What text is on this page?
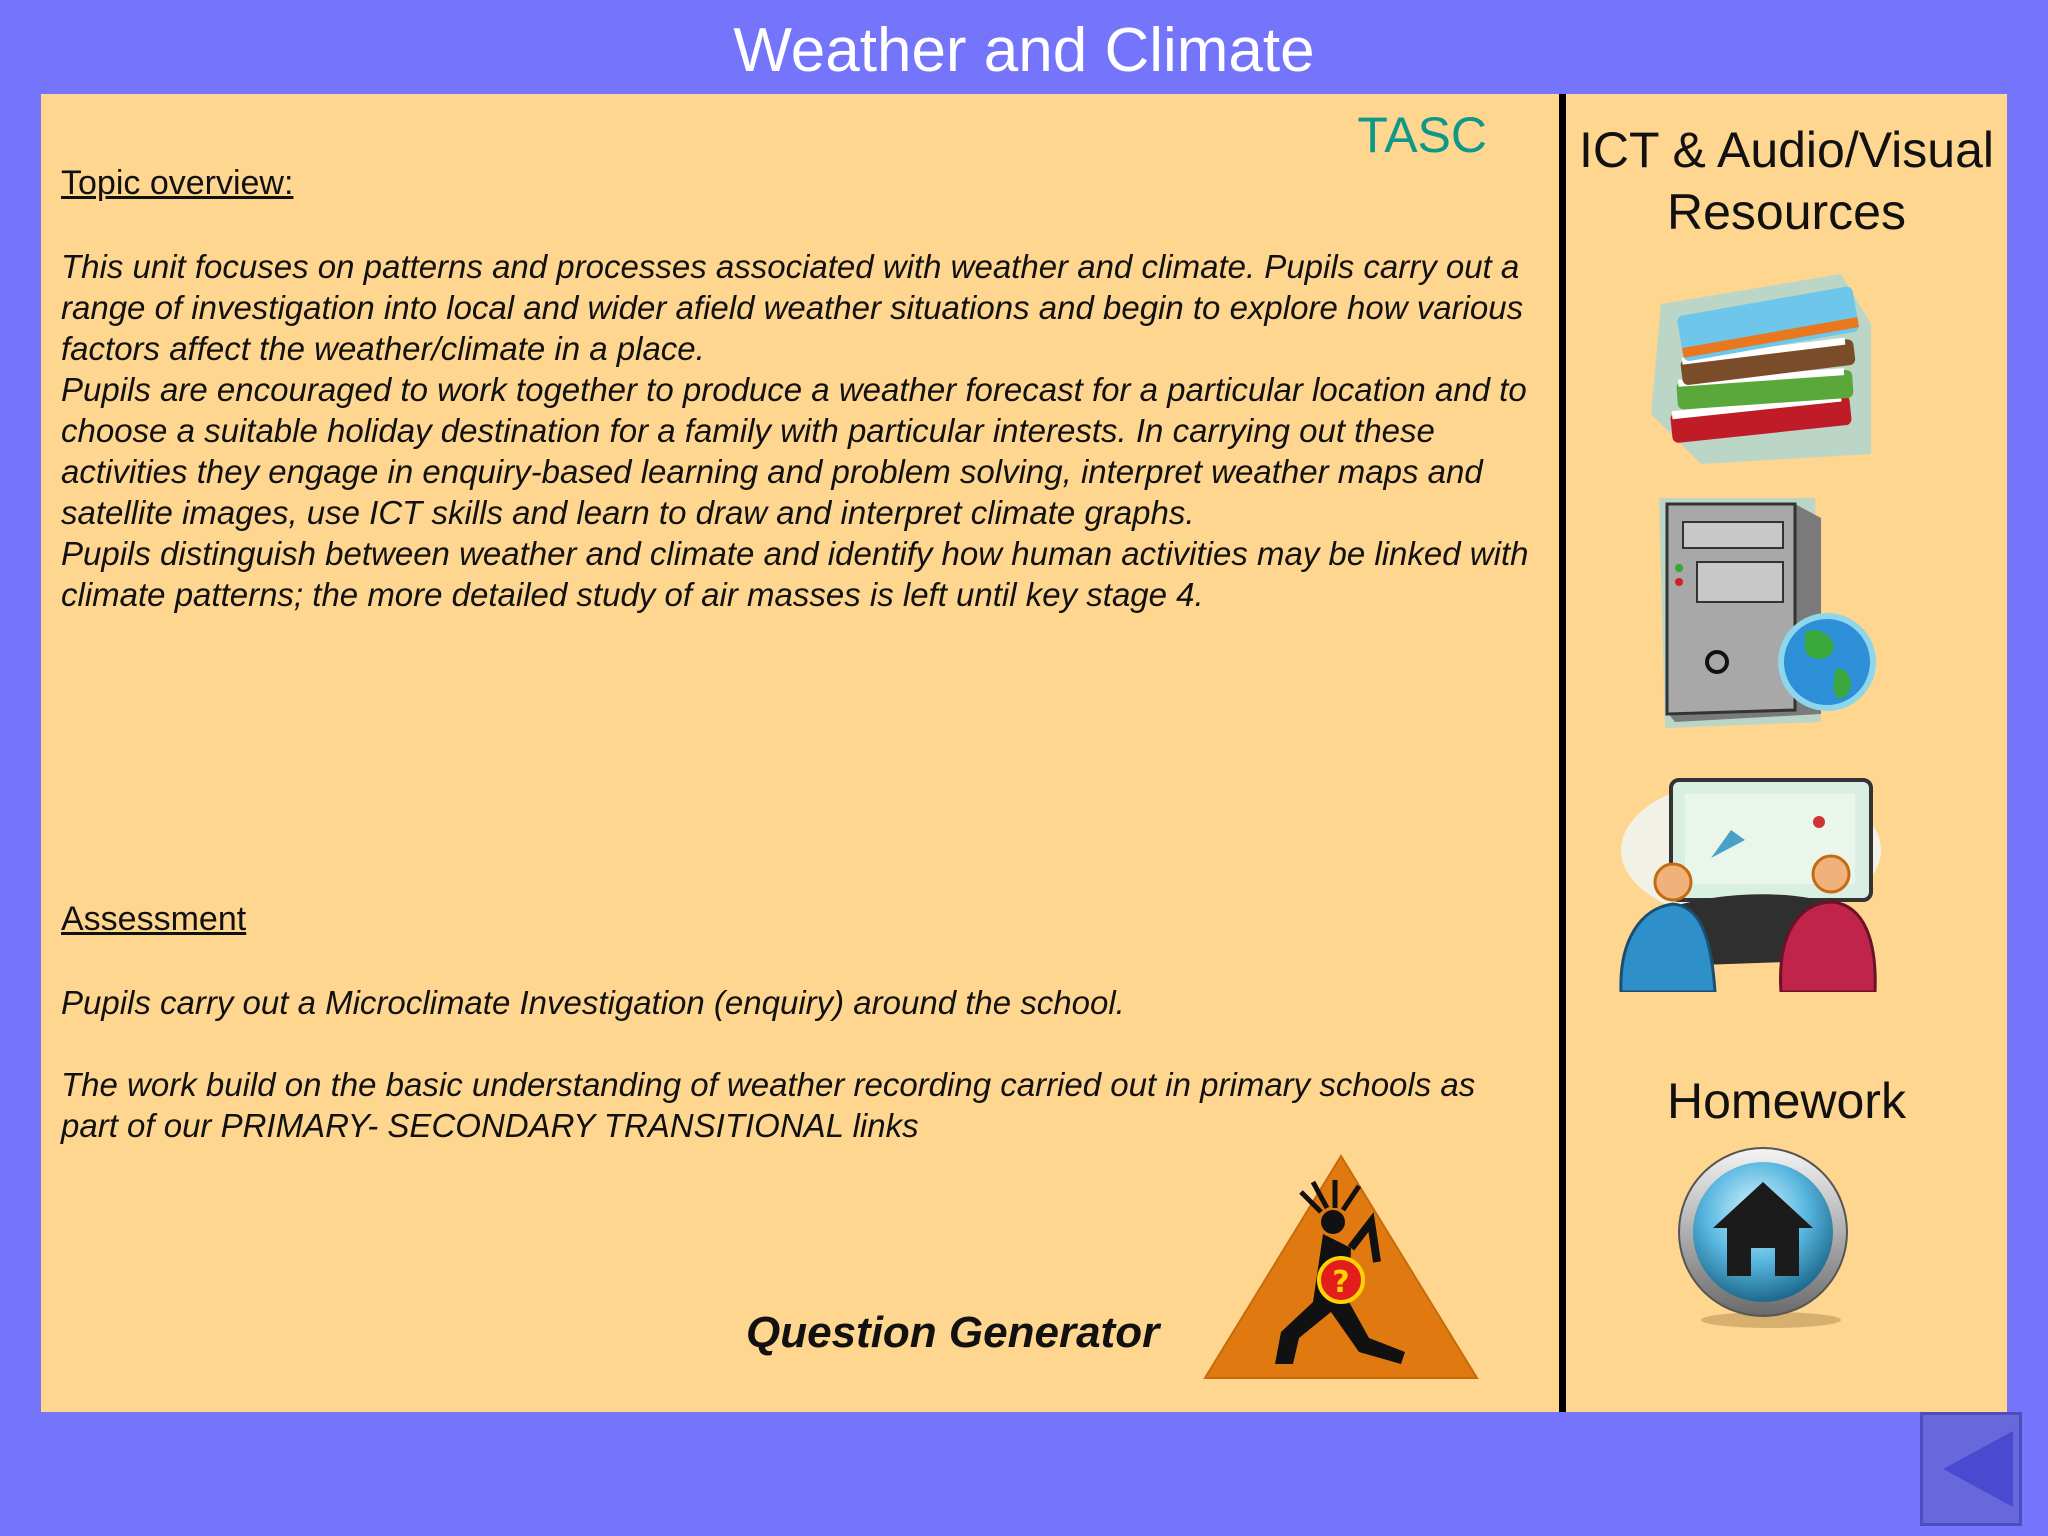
Weather and Climate
TASC
Topic overview:

This unit focuses on patterns and processes associated with weather and climate. Pupils carry out a range of investigation into local and wider afield weather situations and begin to explore how various factors affect the weather/climate in a place.

Pupils are encouraged to work together to produce a weather forecast for a particular location and to choose a suitable holiday destination for a family with particular interests. In carrying out these activities they engage in enquiry-based learning and problem solving, interpret weather maps and satellite images, use ICT skills and learn to draw and interpret climate graphs.

Pupils distinguish between weather and climate and identify how human activities may be linked with climate patterns; the more detailed study of air masses is left until key stage 4.

Assessment
Pupils carry out a Microclimate Investigation (enquiry) around the school.
The work build on the basic understanding of weather recording carried out in primary schools as part of our PRIMARY- SECONDARY TRANSITIONAL links
Question Generator
?
ICT & Audio/Visual
Resources
Homework
